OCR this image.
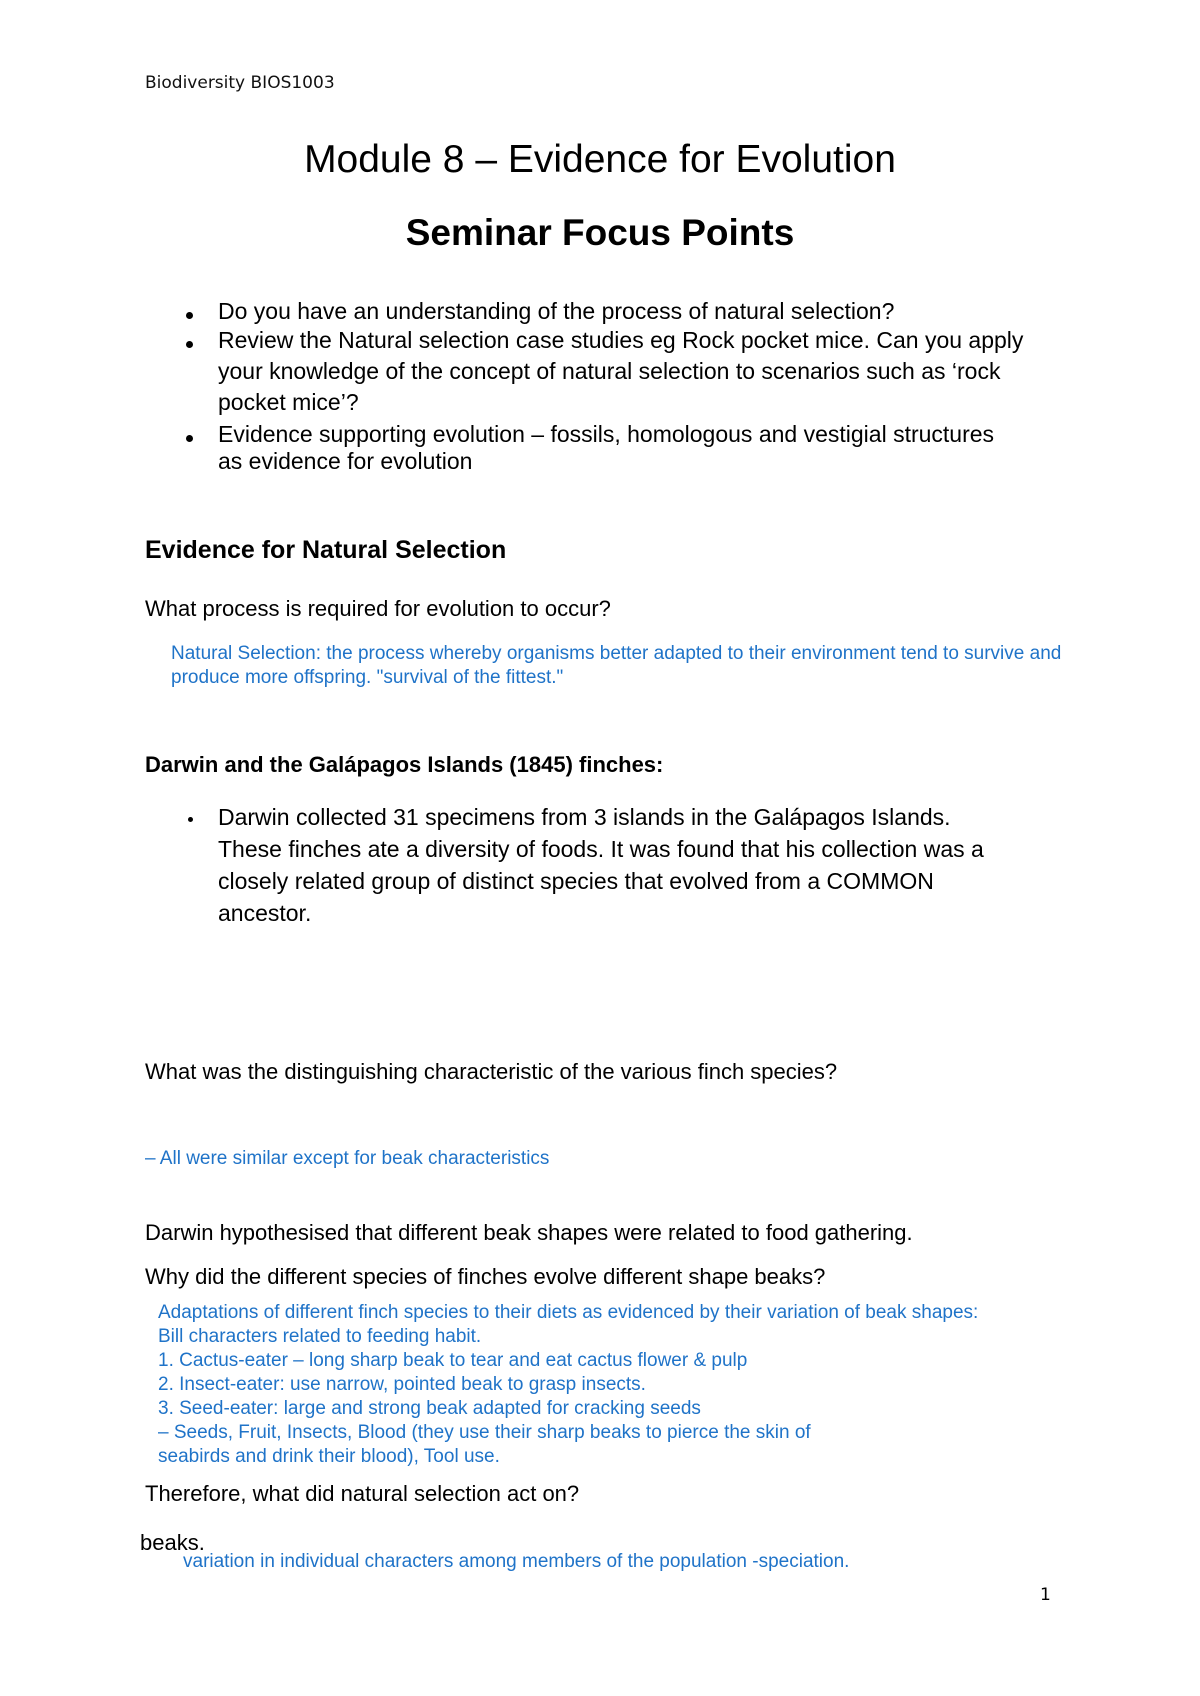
Biodiversity BIOS1003
Module 8 – Evidence for Evolution
Seminar Focus Points
Do you have an understanding of the process of natural selection?
Review the Natural selection case studies eg Rock pocket mice. Can you apply
your knowledge of the concept of natural selection to scenarios such as ‘rock
pocket mice’?
Evidence supporting evolution – fossils, homologous and vestigial structures
as evidence for evolution
Evidence for Natural Selection
What process is required for evolution to occur?
Natural Selection: the process whereby organisms better adapted to their environment tend to survive and
produce more offspring. "survival of the fittest."
Darwin and the Galápagos Islands (1845) finches:
Darwin collected 31 specimens from 3 islands in the Galápagos Islands.
These finches ate a diversity of foods. It was found that his collection was a
closely related group of distinct species that evolved from a COMMON
ancestor.
What was the distinguishing characteristic of the various finch species?
– All were similar except for beak characteristics
Darwin hypothesised that different beak shapes were related to food gathering.
Why did the different species of finches evolve different shape beaks?
Adaptations of different finch species to their diets as evidenced by their variation of beak shapes:
Bill characters related to feeding habit.
1. Cactus-eater – long sharp beak to tear and eat cactus flower & pulp
2. Insect-eater: use narrow, pointed beak to grasp insects.
3. Seed-eater: large and strong beak adapted for cracking seeds
– Seeds, Fruit, Insects, Blood (they use their sharp beaks to pierce the skin of
seabirds and drink their blood), Tool use.
Therefore, what did natural selection act on?
beaks.
variation in individual characters among members of the population -speciation.
1
